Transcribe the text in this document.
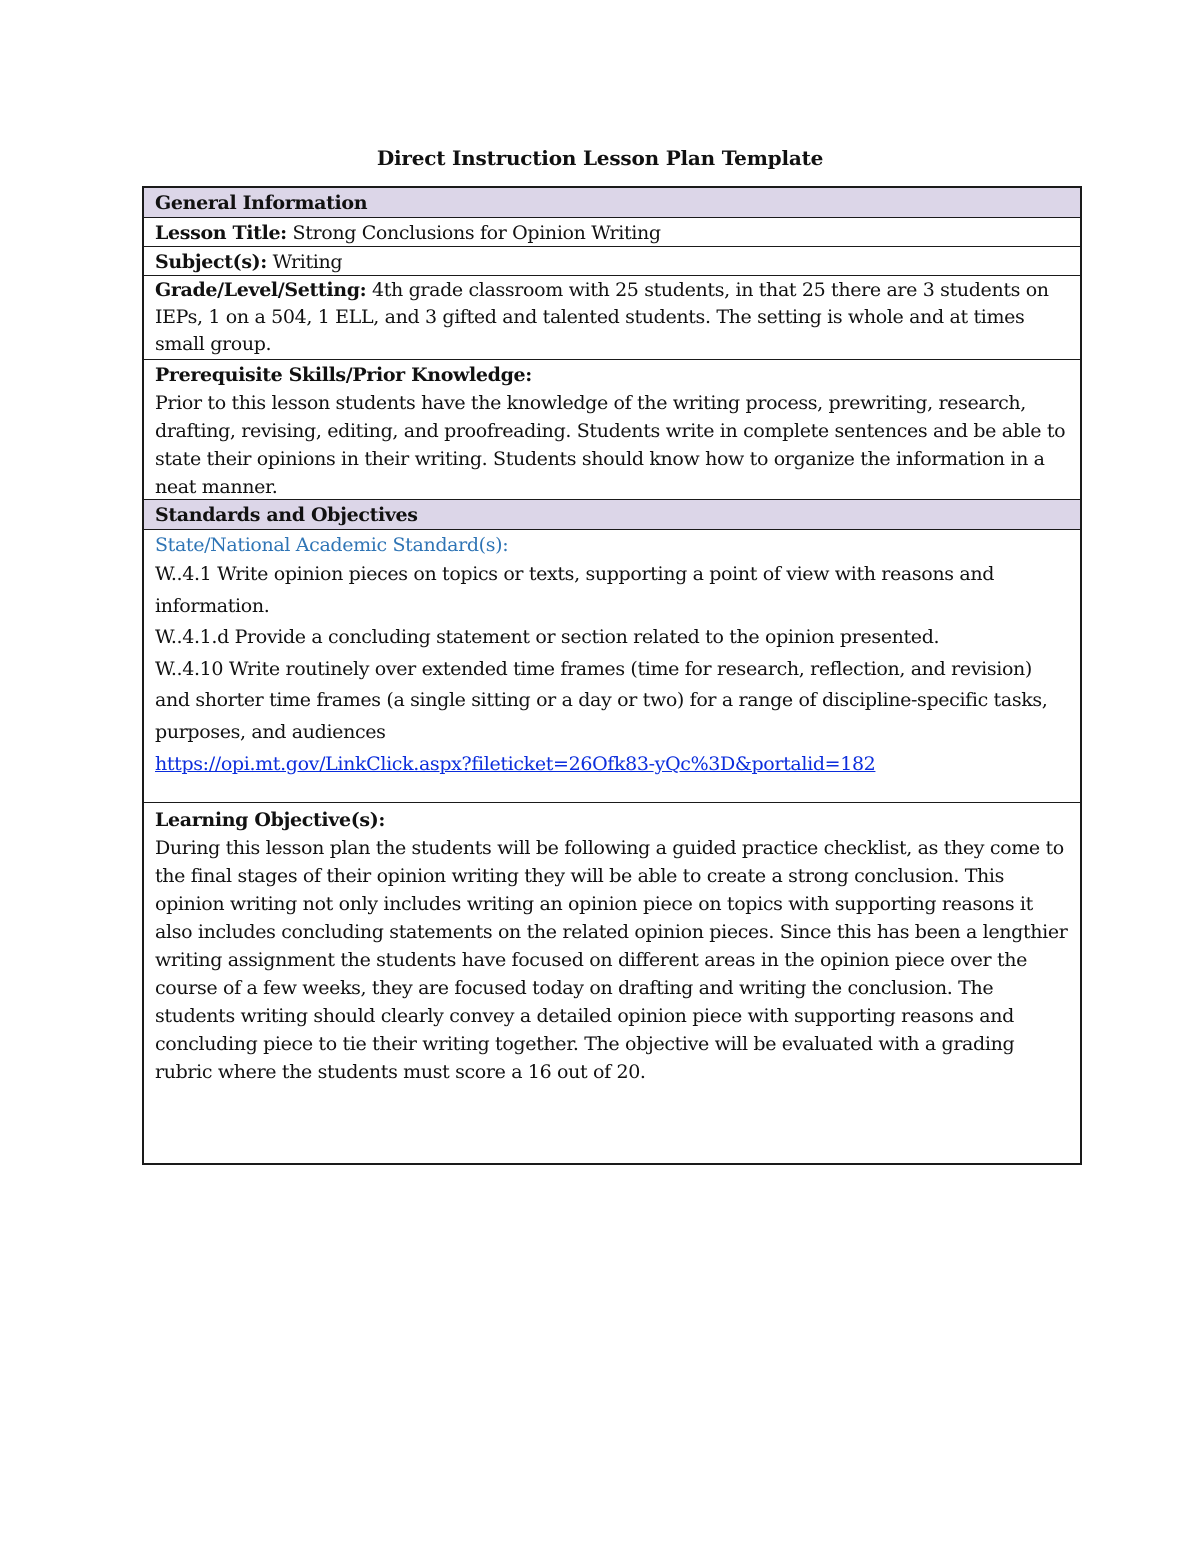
Direct Instruction Lesson Plan Template
General Information
Lesson Title: Strong Conclusions for Opinion Writing
Subject(s): Writing
Grade/Level/Setting: 4th grade classroom with 25 students, in that 25 there are 3 students on IEPs, 1 on a 504, 1 ELL, and 3 gifted and talented students. The setting is whole and at times small group.
Prerequisite Skills/Prior Knowledge:
Prior to this lesson students have the knowledge of the writing process, prewriting, research, drafting, revising, editing, and proofreading. Students write in complete sentences and be able to state their opinions in their writing. Students should know how to organize the information in a neat manner.
Standards and Objectives
State/National Academic Standard(s):
W..4.1 Write opinion pieces on topics or texts, supporting a point of view with reasons and information.
W..4.1.d Provide a concluding statement or section related to the opinion presented.
W..4.10 Write routinely over extended time frames (time for research, reflection, and revision) and shorter time frames (a single sitting or a day or two) for a range of discipline-specific tasks, purposes, and audiences
https://opi.mt.gov/LinkClick.aspx?fileticket=26Ofk83-yQc%3D&portalid=182
Learning Objective(s):
During this lesson plan the students will be following a guided practice checklist, as they come to the final stages of their opinion writing they will be able to create a strong conclusion. This opinion writing not only includes writing an opinion piece on topics with supporting reasons it also includes concluding statements on the related opinion pieces. Since this has been a lengthier writing assignment the students have focused on different areas in the opinion piece over the course of a few weeks, they are focused today on drafting and writing the conclusion. The students writing should clearly convey a detailed opinion piece with supporting reasons and concluding piece to tie their writing together. The objective will be evaluated with a grading rubric where the students must score a 16 out of 20.
